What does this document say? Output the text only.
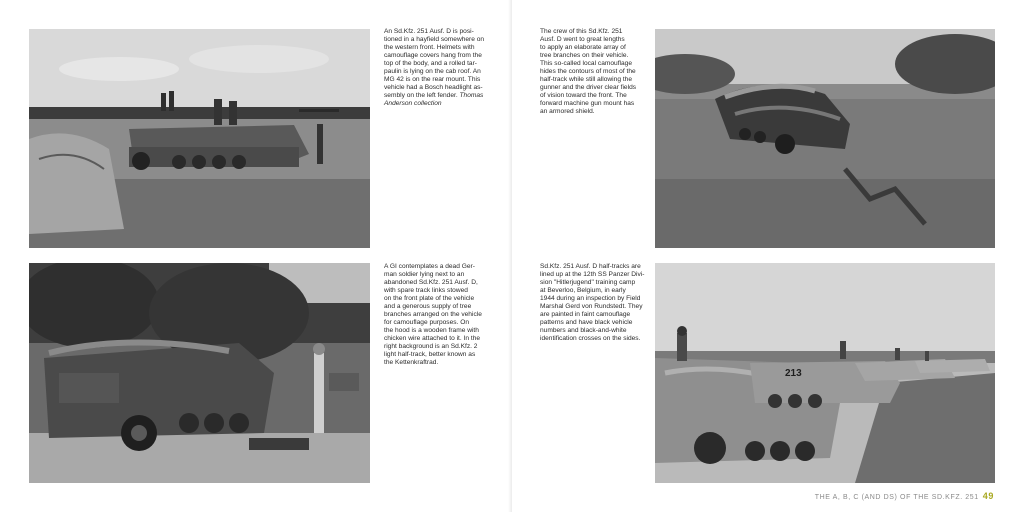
An Sd.Kfz. 251 Ausf. D is posi-
tioned in a hayfield somewhere on
the western front. Helmets with
camouflage covers hang from the
top of the body, and a rolled tar-
paulin is lying on the cab roof. An
MG 42 is on the rear mount. This
vehicle had a Bosch headlight as-
sembly on the left fender. Thomas
Anderson collection
A GI contemplates a dead Ger-
man soldier lying next to an
abandoned Sd.Kfz. 251 Ausf. D,
with spare track links stowed
on the front plate of the vehicle
and a generous supply of tree
branches arranged on the vehicle
for camouflage purposes. On
the hood is a wooden frame with
chicken wire attached to it. In the
right background is an Sd.Kfz. 2
light half-track, better known as
the Kettenkraftrad.
The crew of this Sd.Kfz. 251
Ausf. D went to great lengths
to apply an elaborate array of
tree branches on their vehicle.
This so-called local camouflage
hides the contours of most of the
half-track while still allowing the
gunner and the driver clear fields
of vision toward the front. The
forward machine gun mount has
an armored shield.
Sd.Kfz. 251 Ausf. D half-tracks are
lined up at the 12th SS Panzer Divi-
sion "Hitlerjugend" training camp
at Beverloo, Belgium, in early
1944 during an inspection by Field
Marshal Gerd von Rundstedt. They
are painted in faint camouflage
patterns and have black vehicle
numbers and black-and-white
identification crosses on the sides.
213
THE A, B, C (AND DS) OF THE SD.KFZ. 251 49
